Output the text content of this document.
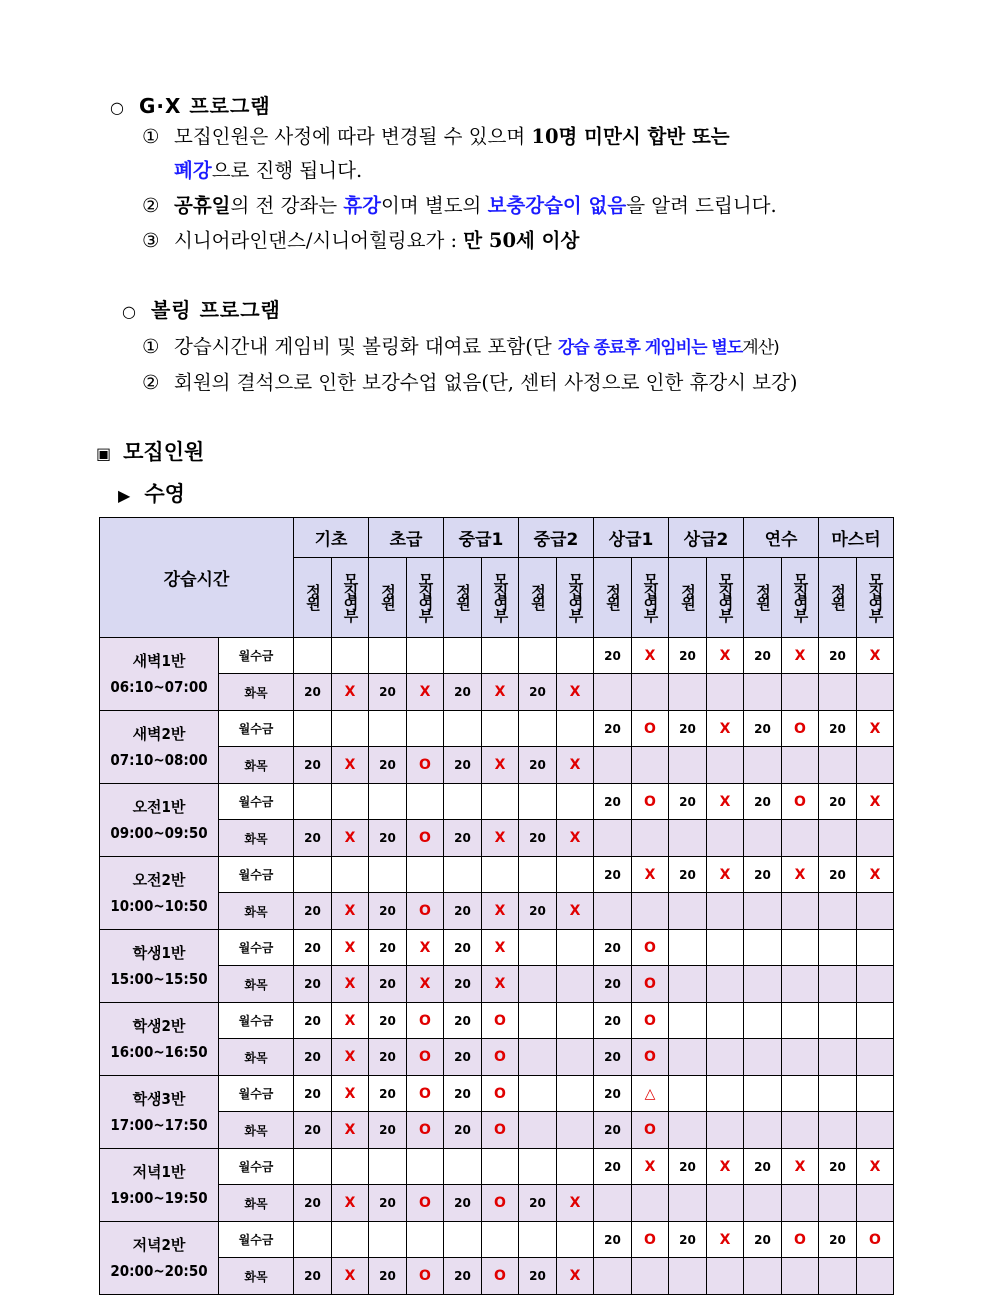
○ G·X 프로그램
① 모집인원은 사정에 따라 변경될 수 있으며 10명 미만시 합반 또는
폐강으로 진행 됩니다.
② 공휴일의 전 강좌는 휴강이며 별도의 보충강습이 없음을 알려 드립니다.
③ 시니어라인댄스/시니어힐링요가 : 만 50세 이상
○ 볼링 프로그램
① 강습시간내 게임비 및 볼링화 대여료 포함(단 강습 종료후 게임비는 별도계산)
② 회원의 결석으로 인한 보강수업 없음(단, 센터 사정으로 인한 휴강시 보강)
▣ 모집인원
▶ 수영
강습시간		기초		초급		중급1		중급2		상급1		상급2		연수		마스터	
		정원	모집여부	정원	모집여부	정원	모집여부	정원	모집여부	정원	모집여부	정원	모집여부	정원	모집여부	정원	모집여부

새벽1반
06:10~07:00	월수금									20	X	20	X	20	X	20	X
	화목	20	X	20	X	20	X	20	X								

새벽2반
07:10~08:00	월수금									20	O	20	X	20	O	20	X
	화목	20	X	20	O	20	X	20	X								

오전1반
09:00~09:50	월수금									20	O	20	X	20	O	20	X
	화목	20	X	20	O	20	X	20	X								

오전2반
10:00~10:50	월수금									20	X	20	X	20	X	20	X
	화목	20	X	20	O	20	X	20	X								

학생1반
15:00~15:50	월수금	20	X	20	X	20	X			20	O						
	화목	20	X	20	X	20	X			20	O						

학생2반
16:00~16:50	월수금	20	X	20	O	20	O			20	O						
	화목	20	X	20	O	20	O			20	O						

학생3반
17:00~17:50	월수금	20	X	20	O	20	O			20	△						
	화목	20	X	20	O	20	O			20	O						

저녁1반
19:00~19:50	월수금									20	X	20	X	20	X	20	X
	화목	20	X	20	O	20	O	20	X								

저녁2반
20:00~20:50	월수금									20	O	20	X	20	O	20	O
	화목	20	X	20	O	20	O	20	X								
